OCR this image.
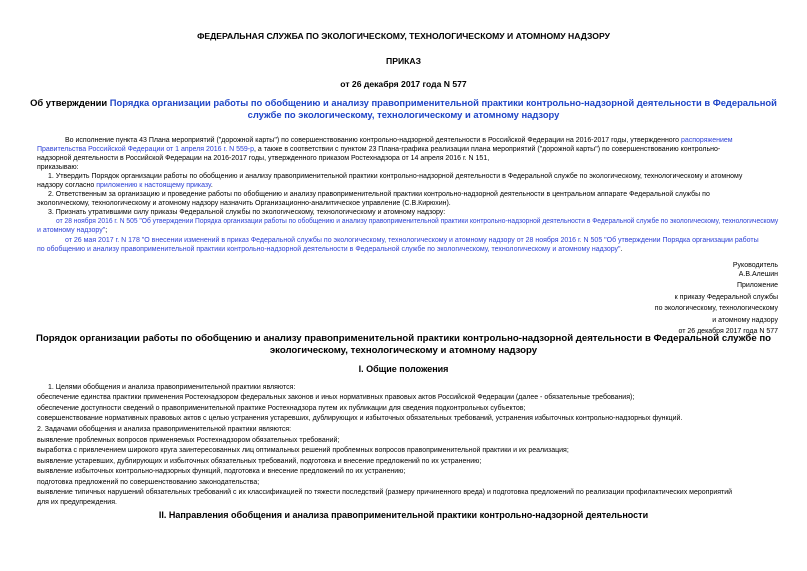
ФЕДЕРАЛЬНАЯ СЛУЖБА ПО ЭКОЛОГИЧЕСКОМУ, ТЕХНОЛОГИЧЕСКОМУ И АТОМНОМУ НАДЗОРУ
ПРИКАЗ
от 26 декабря 2017 года N 577
Об утверждении Порядка организации работы по обобщению и анализу правоприменительной практики контрольно-надзорной деятельности в Федеральной
службе по экологическому, технологическому и атомному надзору
Во исполнение пункта 43 Плана мероприятий ("дорожной карты") по совершенствованию контрольно-надзорной деятельности в Российской Федерации на 2016-2017 годы, утвержденного распоряжением
Правительства Российской Федерации от 1 апреля 2016 г. N 559-р, а также в соответствии с пунктом 23 Плана-графика реализации плана мероприятий ("дорожной карты") по совершенствованию контрольно-
надзорной деятельности в Российской Федерации на 2016-2017 годы, утвержденного приказом Ростехнадзора от 14 апреля 2016 г. N 151,
приказываю:
1. Утвердить Порядок организации работы по обобщению и анализу правоприменительной практики контрольно-надзорной деятельности в Федеральной службе по экологическому, технологическому и атомному
надзору согласно приложению к настоящему приказу.
2. Ответственным за организацию и проведение работы по обобщению и анализу правоприменительной практики контрольно-надзорной деятельности в центральном аппарате Федеральной службы по
экологическому, технологическому и атомному надзору назначить Организационно-аналитическое управление (С.В.Кирюхин).
3. Признать утратившими силу приказы Федеральной службы по экологическому, технологическому и атомному надзору:
от 28 ноября 2016 г. N 505 "Об утверждении Порядка организации работы по обобщению и анализу правоприменительной практики контрольно-надзорной деятельности в Федеральной службе по экологическому, технологическому
и атомному надзору";
от 26 мая 2017 г. N 178 "О внесении изменений в приказ Федеральной службы по экологическому, технологическому и атомному надзору от 28 ноября 2016 г. N 505 "Об утверждении Порядка организации работы
по обобщению и анализу правоприменительной практики контрольно-надзорной деятельности в Федеральной службе по экологическому, технологическому и атомному надзору".
Руководитель
А.В.Алешин
Приложение
к приказу Федеральной службы
по экологическому, технологическому
и атомному надзору
от 26 декабря 2017 года N 577
Порядок организации работы по обобщению и анализу правоприменительной практики контрольно-надзорной деятельности в Федеральной службе по
экологическому, технологическому и атомному надзору
I. Общие положения
1. Целями обобщения и анализа правоприменительной практики являются:
обеспечение единства практики применения Ростехнадзором федеральных законов и иных нормативных правовых актов Российской Федерации (далее - обязательные требования);
обеспечение доступности сведений о правоприменительной практике Ростехнадзора путем их публикации для сведения подконтрольных субъектов;
совершенствование нормативных правовых актов с целью устранения устаревших, дублирующих и избыточных обязательных требований, устранения избыточных контрольно-надзорных функций.
2. Задачами обобщения и анализа правоприменительной практики являются:
выявление проблемных вопросов применяемых Ростехнадзором обязательных требований;
выработка с привлечением широкого круга заинтересованных лиц оптимальных решений проблемных вопросов правоприменительной практики и их реализация;
выявление устаревших, дублирующих и избыточных обязательных требований, подготовка и внесение предложений по их устранению;
выявление избыточных контрольно-надзорных функций, подготовка и внесение предложений по их устранению;
подготовка предложений по совершенствованию законодательства;
выявление типичных нарушений обязательных требований с их классификацией по тяжести последствий (размеру причиненного вреда) и подготовка предложений по реализации профилактических мероприятий
для их предупреждения.
II. Направления обобщения и анализа правоприменительной практики контрольно-надзорной деятельности
